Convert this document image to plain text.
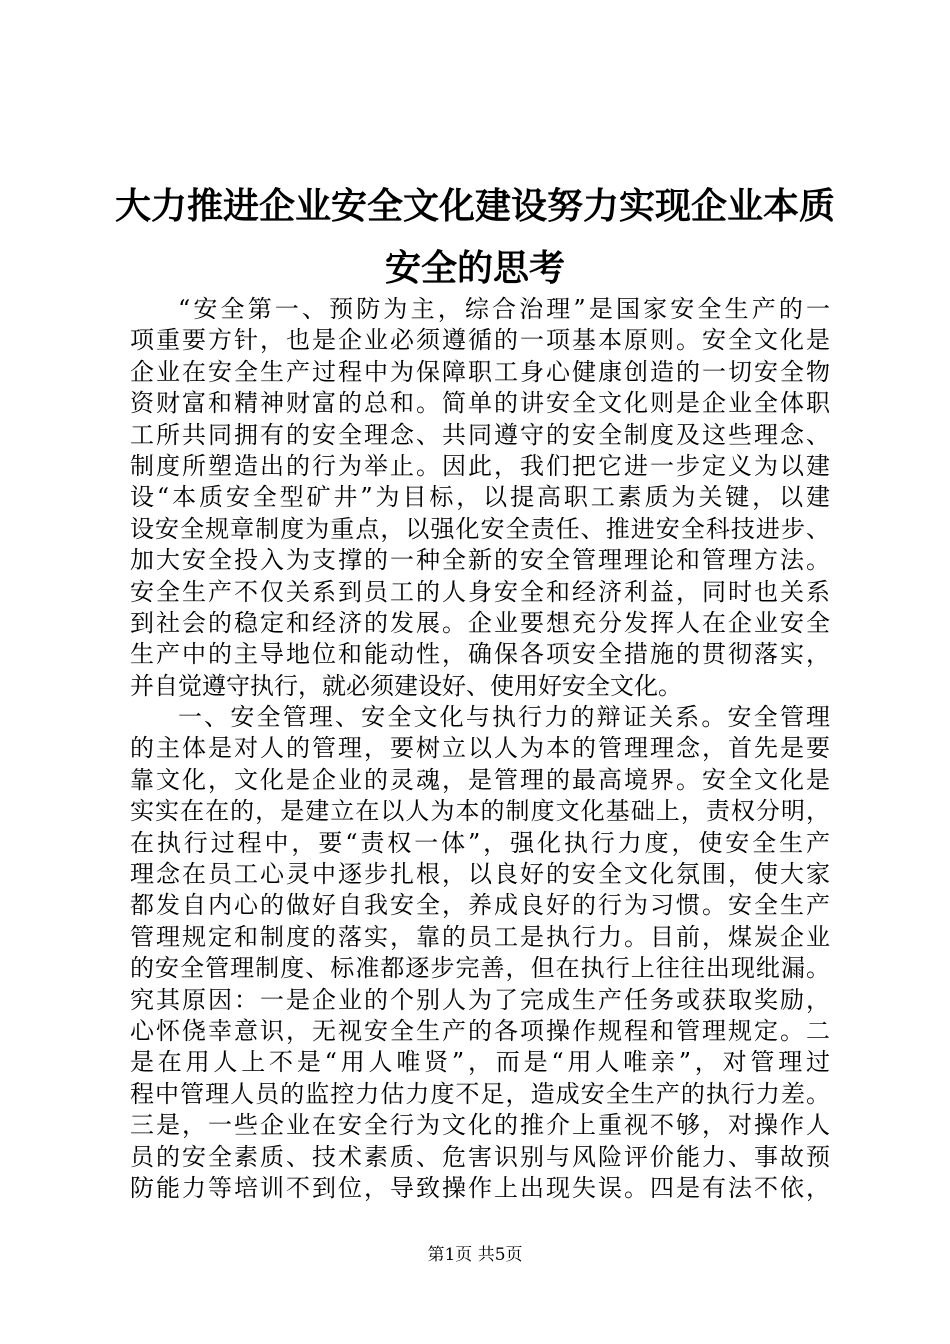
大力推进企业安全文化建设努力实现企业本质
安全的思考
“安全第一、预防为主，综合治理”是国家安全生产的一
项重要方针，也是企业必须遵循的一项基本原则。安全文化是
企业在安全生产过程中为保障职工身心健康创造的一切安全物
资财富和精神财富的总和。简单的讲安全文化则是企业全体职
工所共同拥有的安全理念、共同遵守的安全制度及这些理念、
制度所塑造出的行为举止。因此，我们把它进一步定义为以建
设“本质安全型矿井”为目标，以提高职工素质为关键，以建
设安全规章制度为重点，以强化安全责任、推进安全科技进步、
加大安全投入为支撑的一种全新的安全管理理论和管理方法。
安全生产不仅关系到员工的人身安全和经济利益，同时也关系
到社会的稳定和经济的发展。企业要想充分发挥人在企业安全
生产中的主导地位和能动性，确保各项安全措施的贯彻落实，
并自觉遵守执行，就必须建设好、使用好安全文化。
一、安全管理、安全文化与执行力的辩证关系。安全管理
的主体是对人的管理，要树立以人为本的管理理念，首先是要
靠文化，文化是企业的灵魂，是管理的最高境界。安全文化是
实实在在的，是建立在以人为本的制度文化基础上，责权分明，
在执行过程中，要“责权一体”，强化执行力度，使安全生产
理念在员工心灵中逐步扎根，以良好的安全文化氛围，使大家
都发自内心的做好自我安全，养成良好的行为习惯。安全生产
管理规定和制度的落实，靠的员工是执行力。目前，煤炭企业
的安全管理制度、标准都逐步完善，但在执行上往往出现纰漏。
究其原因：一是企业的个别人为了完成生产任务或获取奖励，
心怀侥幸意识，无视安全生产的各项操作规程和管理规定。二
是在用人上不是“用人唯贤”，而是“用人唯亲”，对管理过
程中管理人员的监控力估力度不足，造成安全生产的执行力差。
三是，一些企业在安全行为文化的推介上重视不够，对操作人
员的安全素质、技术素质、危害识别与风险评价能力、事故预
防能力等培训不到位，导致操作上出现失误。四是有法不依，
第1页 共5页
